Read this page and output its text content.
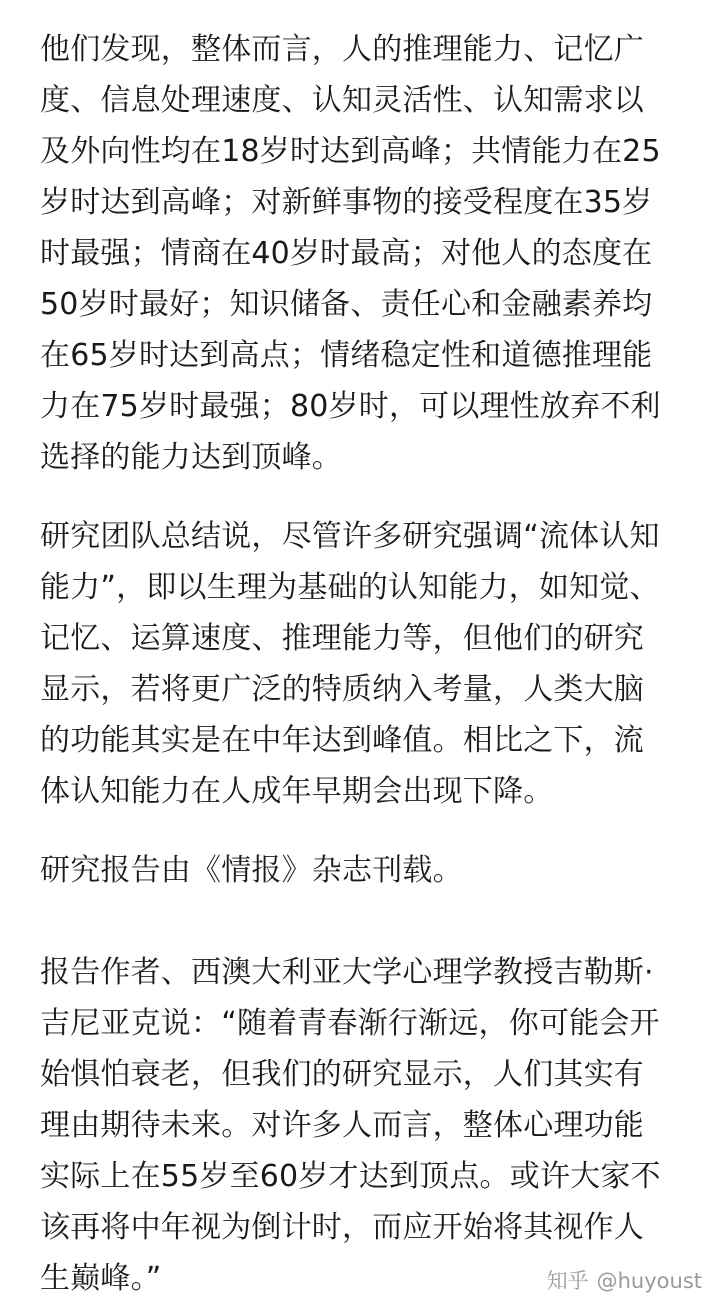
他们发现，整体而言，人的推理能力、记忆广
度、信息处理速度、认知灵活性、认知需求以
及外向性均在18岁时达到高峰；共情能力在25
岁时达到高峰；对新鲜事物的接受程度在35岁
时最强；情商在40岁时最高；对他人的态度在
50岁时最好；知识储备、责任心和金融素养均
在65岁时达到高点；情绪稳定性和道德推理能
力在75岁时最强；80岁时，可以理性放弃不利
选择的能力达到顶峰。
研究团队总结说，尽管许多研究强调“流体认知
能力”，即以生理为基础的认知能力，如知觉、
记忆、运算速度、推理能力等，但他们的研究
显示，若将更广泛的特质纳入考量，人类大脑
的功能其实是在中年达到峰值。相比之下，流
体认知能力在人成年早期会出现下降。
研究报告由《情报》杂志刊载。
报告作者、西澳大利亚大学心理学教授吉勒斯·
吉尼亚克说：“随着青春渐行渐远，你可能会开
始惧怕衰老，但我们的研究显示，人们其实有
理由期待未来。对许多人而言，整体心理功能
实际上在55岁至60岁才达到顶点。或许大家不
该再将中年视为倒计时，而应开始将其视作人
生巅峰。”	知乎 @huyoust
